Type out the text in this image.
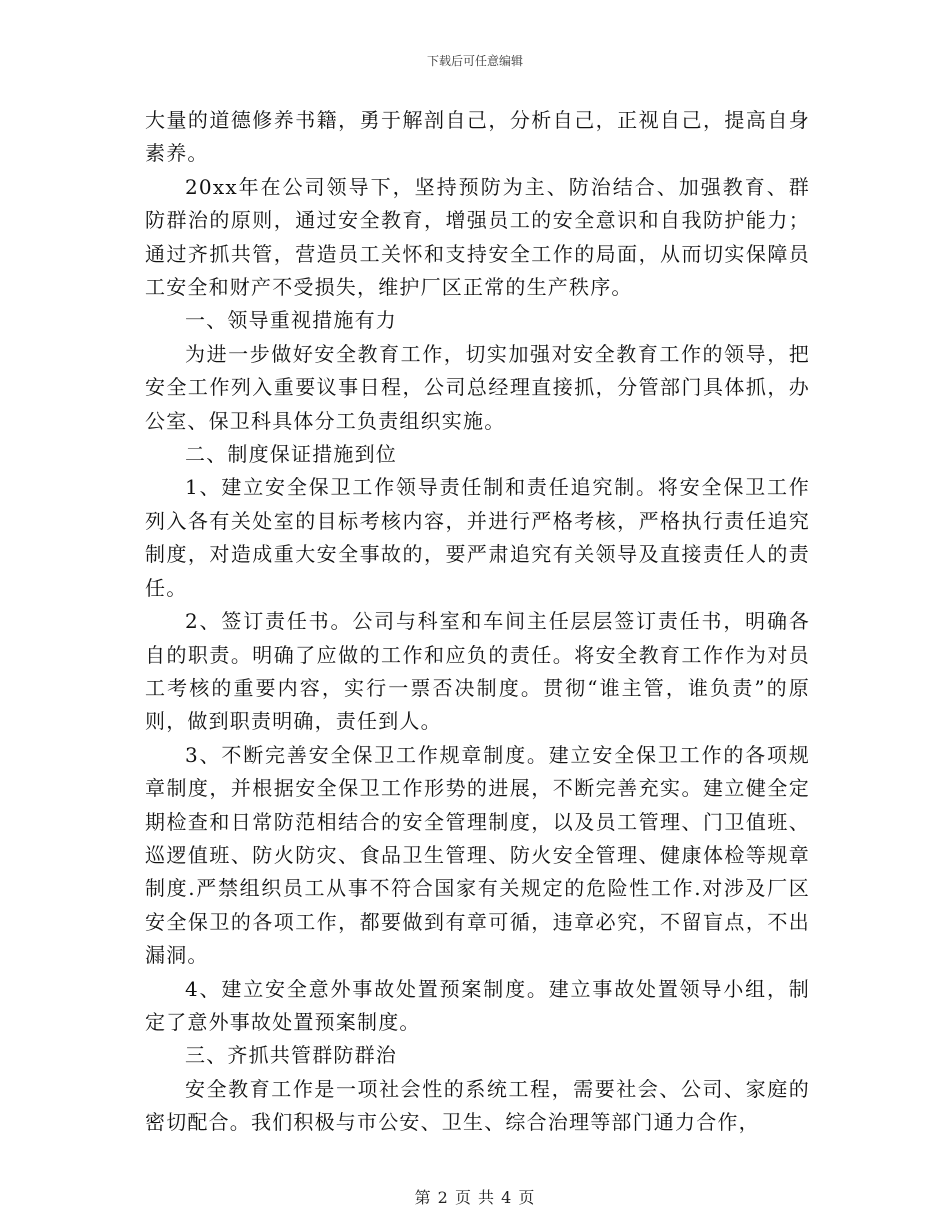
下载后可任意编辑

大量的道德修养书籍，勇于解剖自己，分析自己，正视自己，提高自身素养。

20xx年在公司领导下，坚持预防为主、防治结合、加强教育、群防群治的原则，通过安全教育，增强员工的安全意识和自我防护能力；通过齐抓共管，营造员工关怀和支持安全工作的局面，从而切实保障员工安全和财产不受损失，维护厂区正常的生产秩序。

一、领导重视措施有力

为进一步做好安全教育工作，切实加强对安全教育工作的领导，把安全工作列入重要议事日程，公司总经理直接抓，分管部门具体抓，办公室、保卫科具体分工负责组织实施。

二、制度保证措施到位

1、建立安全保卫工作领导责任制和责任追究制。将安全保卫工作列入各有关处室的目标考核内容，并进行严格考核，严格执行责任追究制度，对造成重大安全事故的，要严肃追究有关领导及直接责任人的责任。

2、签订责任书。公司与科室和车间主任层层签订责任书，明确各自的职责。明确了应做的工作和应负的责任。将安全教育工作作为对员工考核的重要内容，实行一票否决制度。贯彻“谁主管，谁负责”的原则，做到职责明确，责任到人。

3、不断完善安全保卫工作规章制度。建立安全保卫工作的各项规章制度，并根据安全保卫工作形势的进展，不断完善充实。建立健全定期检查和日常防范相结合的安全管理制度，以及员工管理、门卫值班、巡逻值班、防火防灾、食品卫生管理、防火安全管理、健康体检等规章制度.严禁组织员工从事不符合国家有关规定的危险性工作.对涉及厂区安全保卫的各项工作，都要做到有章可循，违章必究，不留盲点，不出漏洞。

4、建立安全意外事故处置预案制度。建立事故处置领导小组，制定了意外事故处置预案制度。

三、齐抓共管群防群治

安全教育工作是一项社会性的系统工程，需要社会、公司、家庭的密切配合。我们积极与市公安、卫生、综合治理等部门通力合作，

第 2 页 共 4 页
